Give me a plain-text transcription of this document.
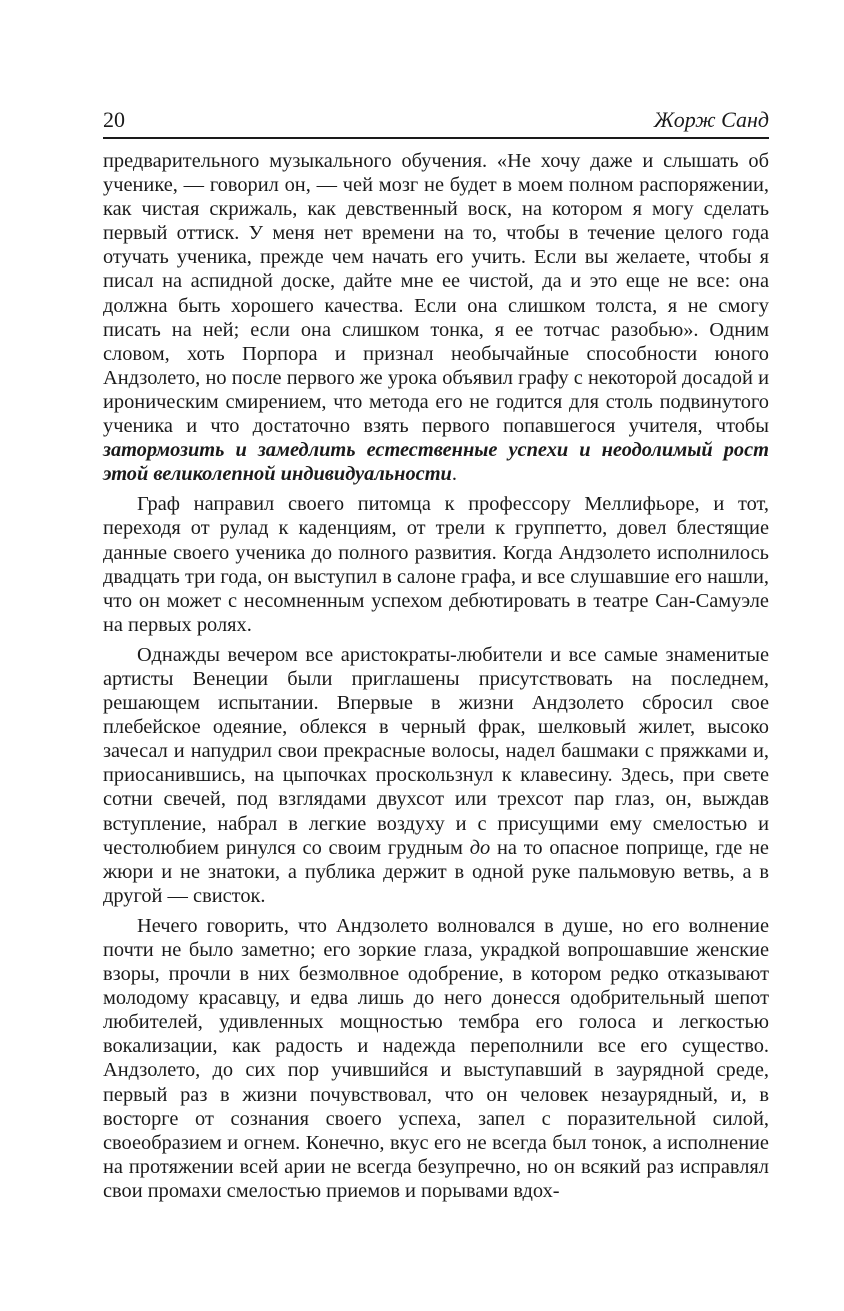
20	Жорж Санд

предварительного музыкального обучения. «Не хочу даже и слышать об ученике, — говорил он, — чей мозг не будет в моем полном распоряжении, как чистая скрижаль, как девственный воск, на котором я могу сделать первый оттиск. У меня нет времени на то, чтобы в течение целого года отучать ученика, прежде чем начать его учить. Если вы желаете, чтобы я писал на аспидной доске, дайте мне ее чистой, да и это еще не все: она должна быть хорошего качества. Если она слишком толста, я не смогу писать на ней; если она слишком тонка, я ее тотчас разобью». Одним словом, хоть Порпора и признал необычайные способности юного Андзолето, но после первого же урока объявил графу с некоторой досадой и ироническим смирением, что метода его не годится для столь подвинутого ученика и что достаточно взять первого попавшегося учителя, чтобы затормозить и замедлить естественные успехи и неодолимый рост этой великолепной индивидуальности.

Граф направил своего питомца к профессору Меллифьоре, и тот, переходя от рулад к каденциям, от трели к группетто, довел блестящие данные своего ученика до полного развития. Когда Андзолето исполнилось двадцать три года, он выступил в салоне графа, и все слушавшие его нашли, что он может с несомненным успехом дебютировать в театре Сан-Самуэле на первых ролях.

Однажды вечером все аристократы-любители и все самые знаменитые артисты Венеции были приглашены присутствовать на последнем, решающем испытании. Впервые в жизни Андзолето сбросил свое плебейское одеяние, облекся в черный фрак, шелковый жилет, высоко зачесал и напудрил свои прекрасные волосы, надел башмаки с пряжками и, приосанившись, на цыпочках проскользнул к клавесину. Здесь, при свете сотни свечей, под взглядами двухсот или трехсот пар глаз, он, выждав вступление, набрал в легкие воздуху и с присущими ему смелостью и честолюбием ринулся со своим грудным до на то опасное поприще, где не жюри и не знатоки, а публика держит в одной руке пальмовую ветвь, а в другой — свисток.

Нечего говорить, что Андзолето волновался в душе, но его волнение почти не было заметно; его зоркие глаза, украдкой вопрошавшие женские взоры, прочли в них безмолвное одобрение, в котором редко отказывают молодому красавцу, и едва лишь до него донесся одобрительный шепот любителей, удивленных мощностью тембра его голоса и легкостью вокализации, как радость и надежда переполнили все его существо. Андзолето, до сих пор учившийся и выступавший в заурядной среде, первый раз в жизни почувствовал, что он человек незаурядный, и, в восторге от сознания своего успеха, запел с поразительной силой, своеобразием и огнем. Конечно, вкус его не всегда был тонок, а исполнение на протяжении всей арии не всегда безупречно, но он всякий раз исправлял свои промахи смелостью приемов и порывами вдох-
